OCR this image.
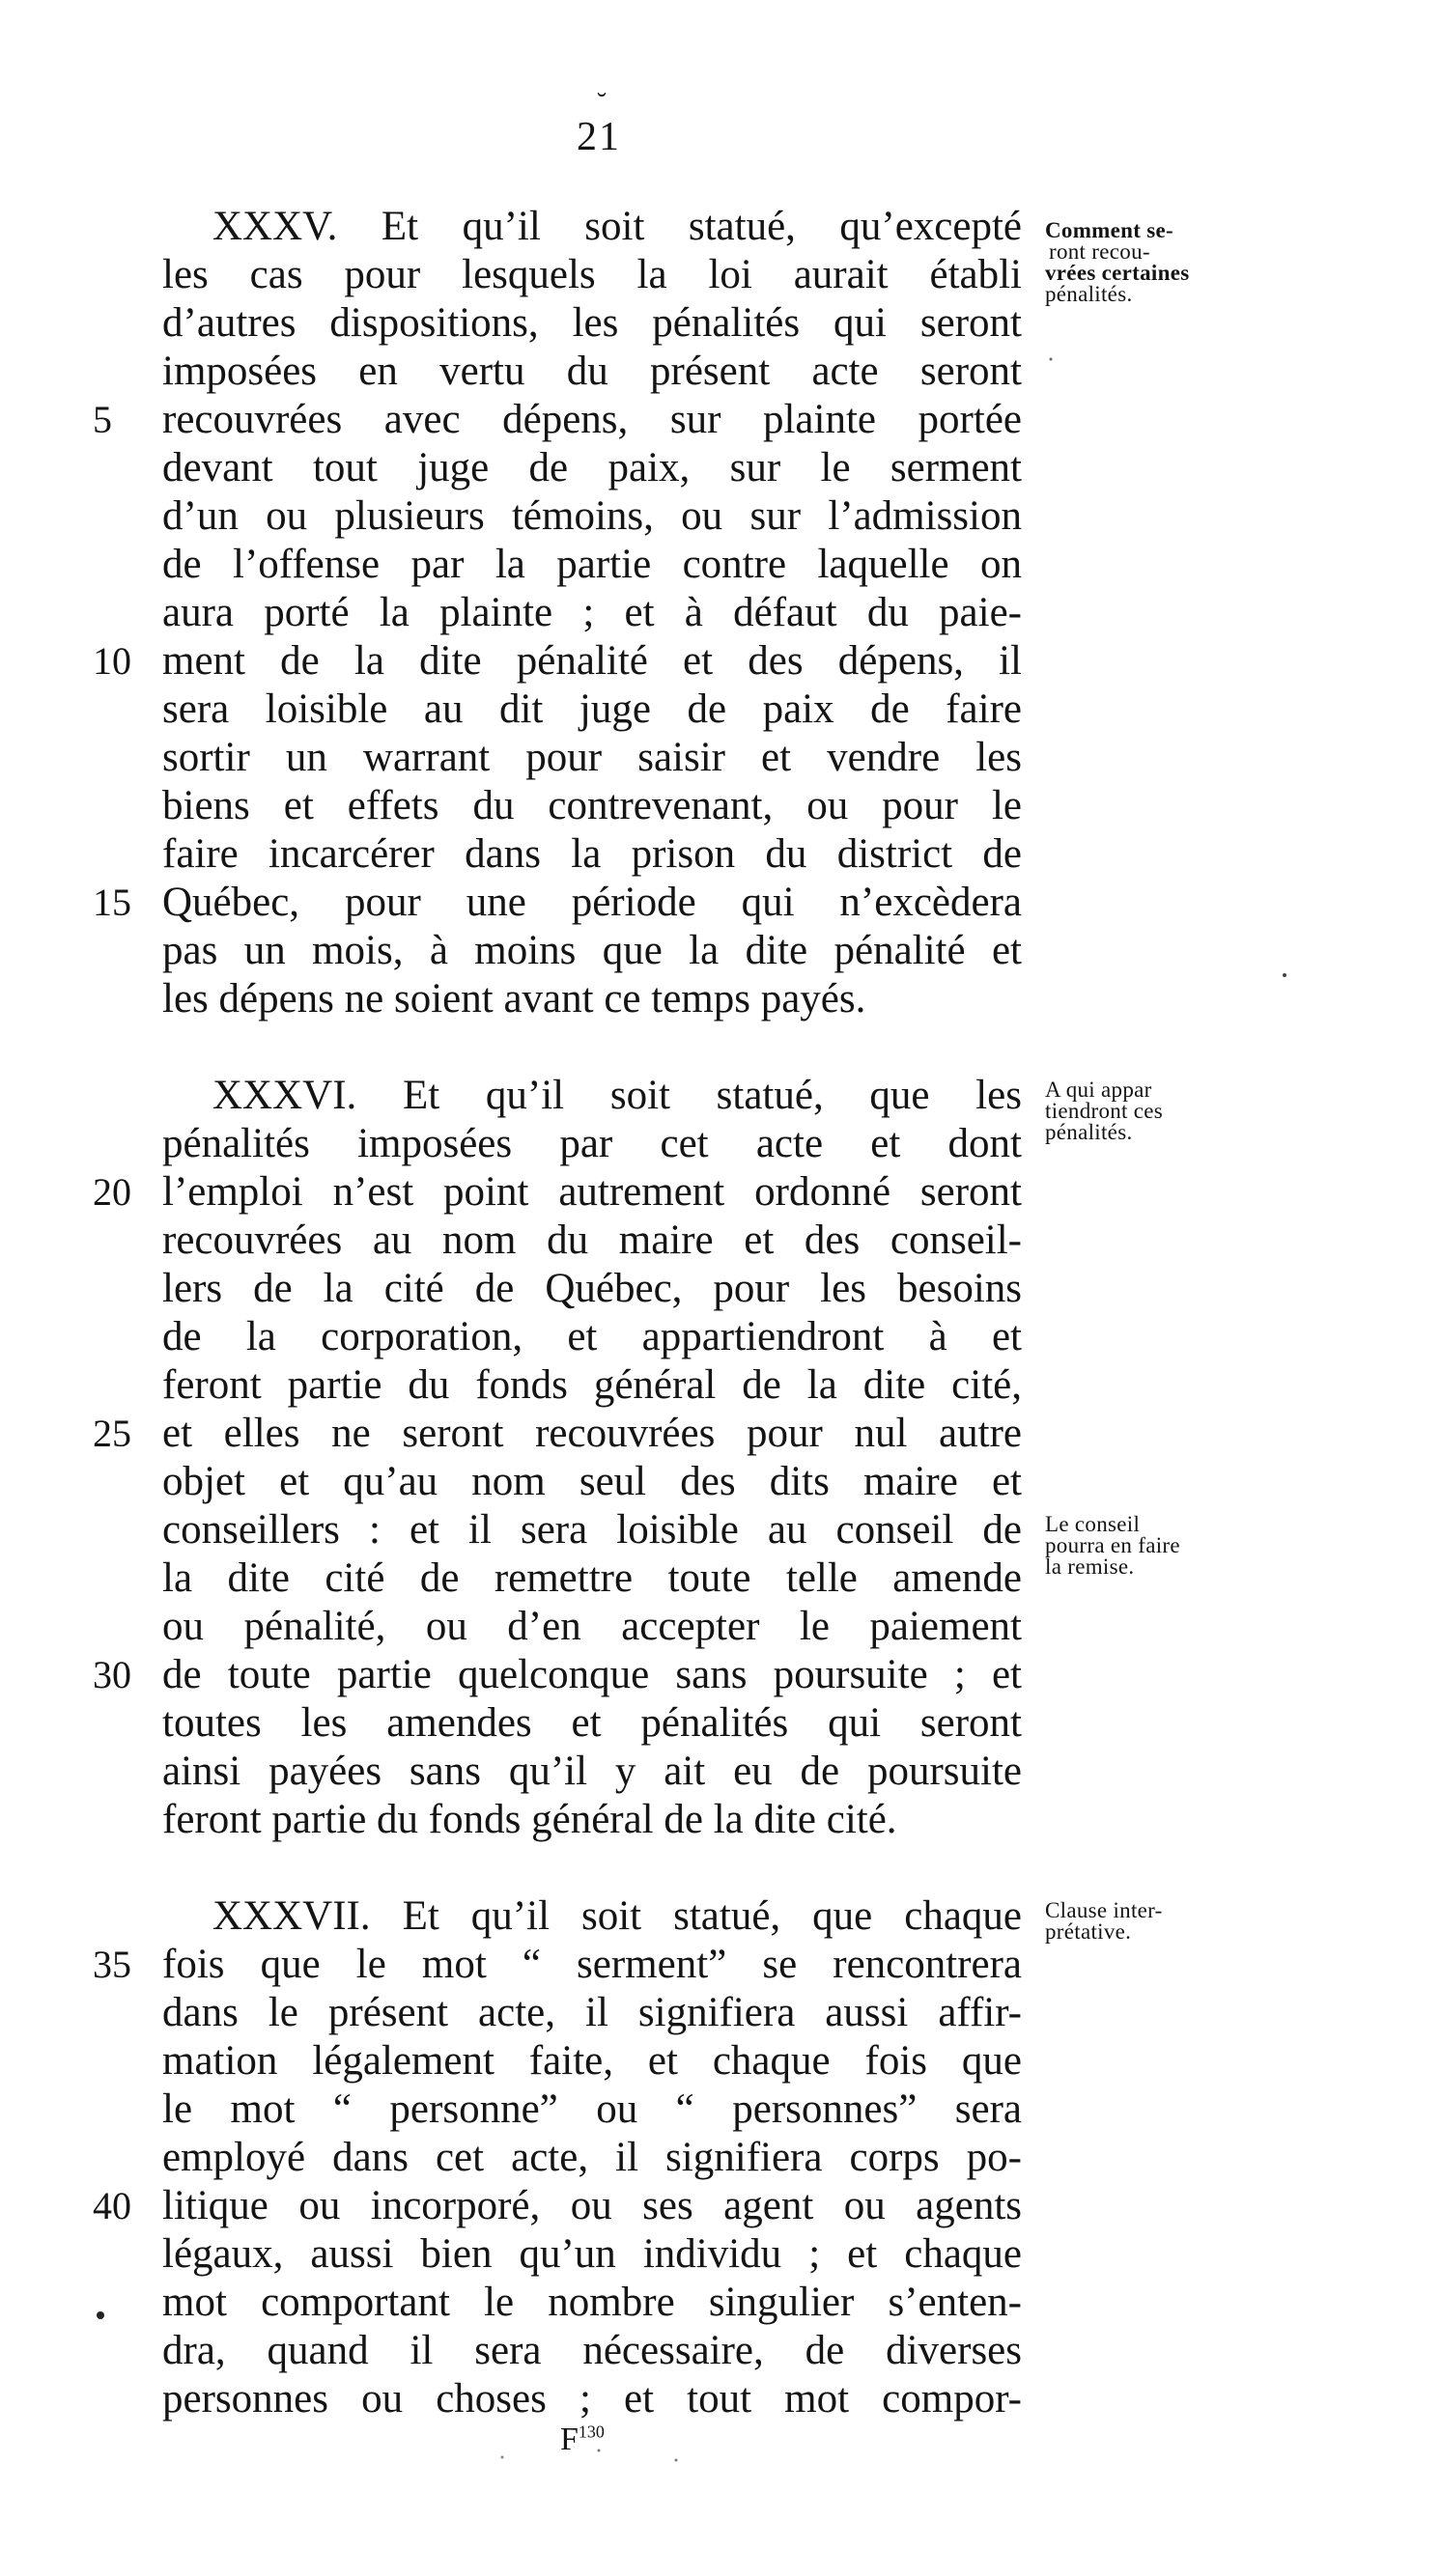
˘
21
XXXV. Et qu’il soit statué, qu’excepté
les cas pour lesquels la loi aurait établi
d’autres dispositions, les pénalités qui seront
imposées en vertu du présent acte seront
recouvrées avec dépens, sur plainte portée
devant tout juge de paix, sur le serment
d’un ou plusieurs témoins, ou sur l’admission
de l’offense par la partie contre laquelle on
aura porté la plainte ; et à défaut du paie-
ment de la dite pénalité et des dépens, il
sera loisible au dit juge de paix de faire
sortir un warrant pour saisir et vendre les
biens et effets du contrevenant, ou pour le
faire incarcérer dans la prison du district de
Québec, pour une période qui n’excèdera
pas un mois, à moins que la dite pénalité et
les dépens ne soient avant ce temps payés.
5
10
15
Comment se-
ront recou-
vrées certaines
pénalités.
XXXVI. Et qu’il soit statué, que les
pénalités imposées par cet acte et dont
l’emploi n’est point autrement ordonné seront
recouvrées au nom du maire et des conseil-
lers de la cité de Québec, pour les besoins
de la corporation, et appartiendront à et
feront partie du fonds général de la dite cité,
et elles ne seront recouvrées pour nul autre
objet et qu’au nom seul des dits maire et
conseillers : et il sera loisible au conseil de
la dite cité de remettre toute telle amende
ou pénalité, ou d’en accepter le paiement
de toute partie quelconque sans poursuite ; et
toutes les amendes et pénalités qui seront
ainsi payées sans qu’il y ait eu de poursuite
feront partie du fonds général de la dite cité.
20
25
30
A qui appar
tiendront ces
pénalités.
Le conseil
pourra en faire
la remise.
XXXVII. Et qu’il soit statué, que chaque
fois que le mot “ serment” se rencontrera
dans le présent acte, il signifiera aussi affir-
mation légalement faite, et chaque fois que
le mot “ personne” ou “ personnes” sera
employé dans cet acte, il signifiera corps po-
litique ou incorporé, ou ses agent ou agents
légaux, aussi bien qu’un individu ; et chaque
mot comportant le nombre singulier s’enten-
dra, quand il sera nécessaire, de diverses
personnes ou choses ; et tout mot compor-
35
40
Clause inter-
prétative.
$F^{130}$
